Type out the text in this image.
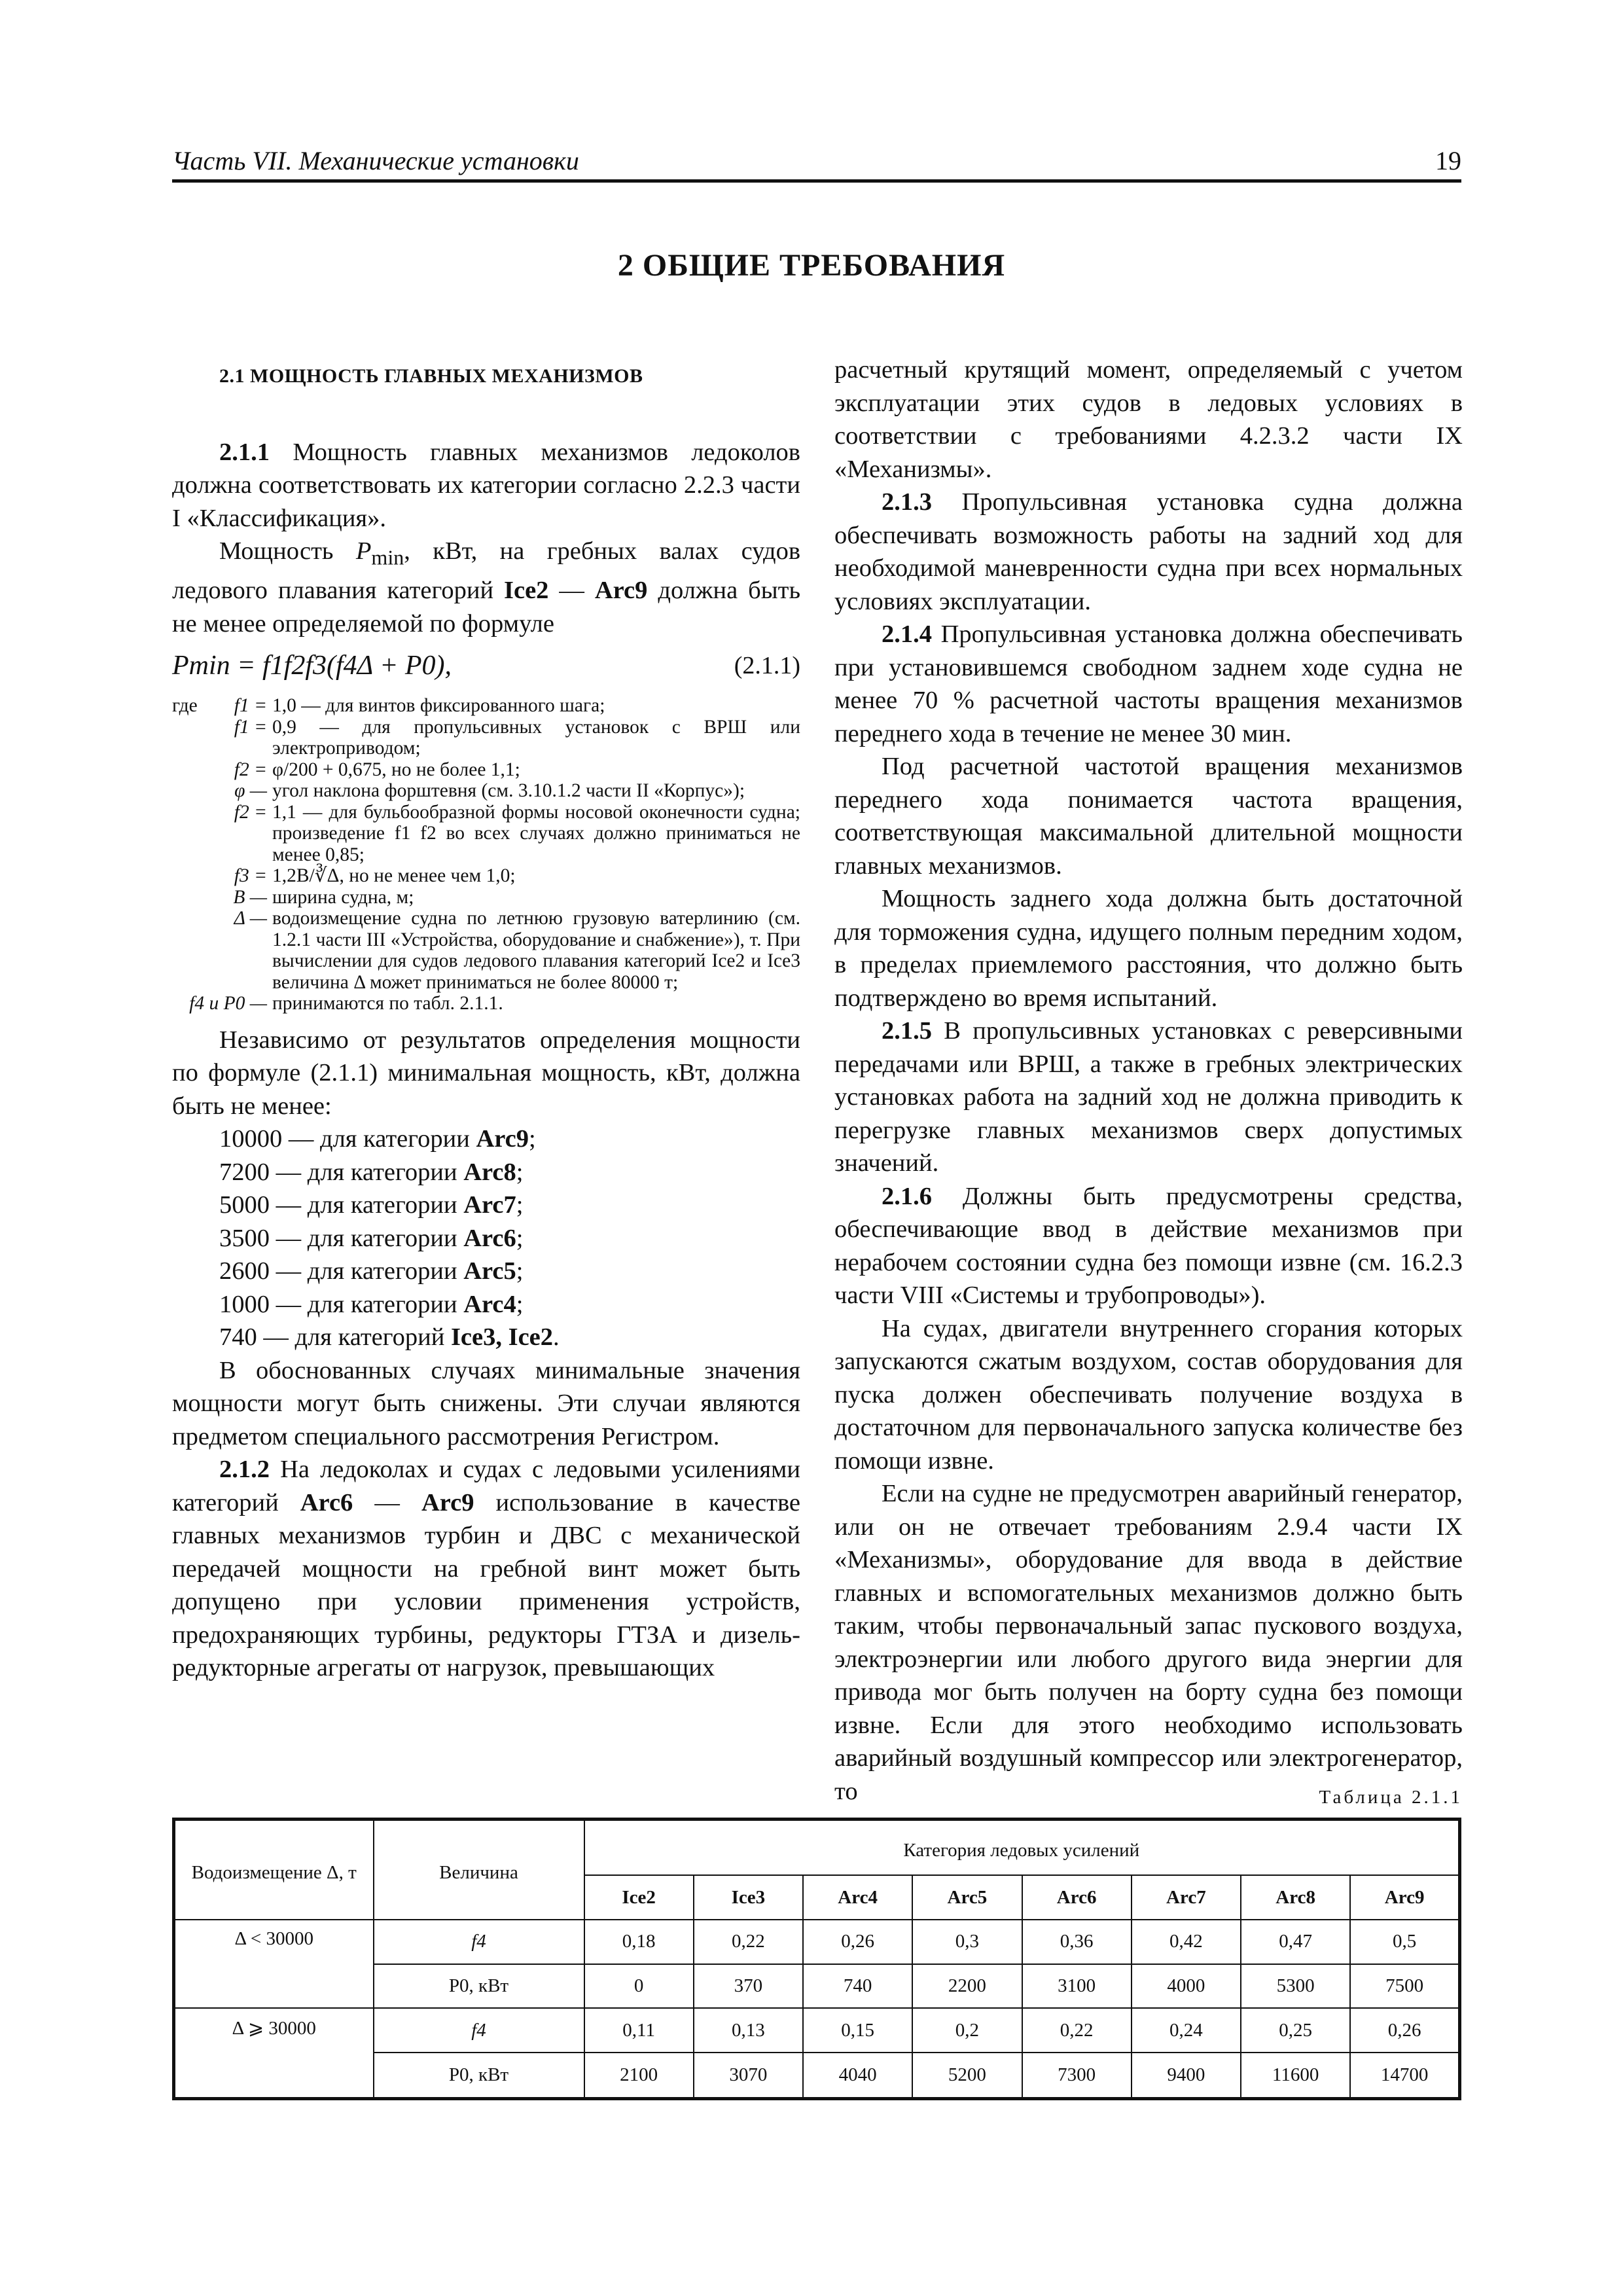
Часть VII. Механические установки	19
2 ОБЩИЕ ТРЕБОВАНИЯ

2.1 МОЩНОСТЬ ГЛАВНЫХ МЕХАНИЗМОВ

2.1.1 Мощность главных механизмов ледоколов должна соответствовать их категории согласно 2.2.3 части I «Классификация».

Мощность $P_{min}$, кВт, на гребных валах судов ледового плавания категорий Ice2 — Arc9 должна быть не менее определяемой по формуле

Pmin = f1f2f3(f4Δ + P0),	(2.1.1)
где f1 = 1,0 — для винтов фиксированного шага;
f1 = 0,9 — для пропульсивных установок с ВРШ или электроприводом;
f2 = φ/200 + 0,675, но не более 1,1;
φ — угол наклона форштевня (см. 3.10.1.2 части II «Корпус»);
f2 = 1,1 — для бульбообразной формы носовой оконечности судна; произведение f1 f2 во всех случаях должно приниматься не менее 0,85;
f3 = 1,2B/∛Δ, но не менее чем 1,0;
B — ширина судна, м;
Δ — водоизмещение судна по летнюю грузовую ватерлинию (см. 1.2.1 части III «Устройства, оборудование и снабжение»), т. При вычислении для судов ледового плавания категорий Ice2 и Ice3 величина Δ может приниматься не более 80000 т;
f4 и P0 — принимаются по табл. 2.1.1.

Независимо от результатов определения мощности по формуле (2.1.1) минимальная мощность, кВт, должна быть не менее:

10000 — для категории Arc9;

7200 — для категории Arc8;

5000 — для категории Arc7;

3500 — для категории Arc6;

2600 — для категории Arc5;

1000 — для категории Arc4;

740 — для категорий Ice3, Ice2.

В обоснованных случаях минимальные значения мощности могут быть снижены. Эти случаи являются предметом специального рассмотрения Регистром.

2.1.2 На ледоколах и судах с ледовыми усилениями категорий Arc6 — Arc9 использование в качестве главных механизмов турбин и ДВС с механической передачей мощности на гребной винт может быть допущено при условии применения устройств, предохраняющих турбины, редукторы ГТЗА и дизель-редукторные агрегаты от нагрузок, превышающих

расчетный крутящий момент, определяемый с учетом эксплуатации этих судов в ледовых условиях в соответствии с требованиями 4.2.3.2 части IX «Механизмы».

2.1.3 Пропульсивная установка судна должна обеспечивать возможность работы на задний ход для необходимой маневренности судна при всех нормальных условиях эксплуатации.

2.1.4 Пропульсивная установка должна обеспечивать при установившемся свободном заднем ходе судна не менее 70 % расчетной частоты вращения механизмов переднего хода в течение не менее 30 мин.

Под расчетной частотой вращения механизмов переднего хода понимается частота вращения, соответствующая максимальной длительной мощности главных механизмов.

Мощность заднего хода должна быть достаточной для торможения судна, идущего полным передним ходом, в пределах приемлемого расстояния, что должно быть подтверждено во время испытаний.

2.1.5 В пропульсивных установках с реверсивными передачами или ВРШ, а также в гребных электрических установках работа на задний ход не должна приводить к перегрузке главных механизмов сверх допустимых значений.

2.1.6 Должны быть предусмотрены средства, обеспечивающие ввод в действие механизмов при нерабочем состоянии судна без помощи извне (см. 16.2.3 части VIII «Системы и трубопроводы»).

На судах, двигатели внутреннего сгорания которых запускаются сжатым воздухом, состав оборудования для пуска должен обеспечивать получение воздуха в достаточном для первоначального запуска количестве без помощи извне.

Если на судне не предусмотрен аварийный генератор, или он не отвечает требованиям 2.9.4 части IX «Механизмы», оборудование для ввода в действие главных и вспомогательных механизмов должно быть таким, чтобы первоначальный запас пускового воздуха, электроэнергии или любого другого вида энергии для привода мог быть получен на борту судна без помощи извне. Если для этого необходимо использовать аварийный воздушный компрессор или электрогенератор, то	Таблица 2.1.1
Водоизмещение Δ, т	Величина	Категория ледовых усилений							
		Ice2	Ice3	Arc4	Arc5	Arc6	Arc7	Arc8	Arc9
Δ < 30000	f4	0,18	0,22	0,26	0,3	0,36	0,42	0,47	0,5
	P0, кВт	0	370	740	2200	3100	4000	5300	7500
Δ ⩾ 30000	f4	0,11	0,13	0,15	0,2	0,22	0,24	0,25	0,26
	P0, кВт	2100	3070	4040	5200	7300	9400	11600	14700
